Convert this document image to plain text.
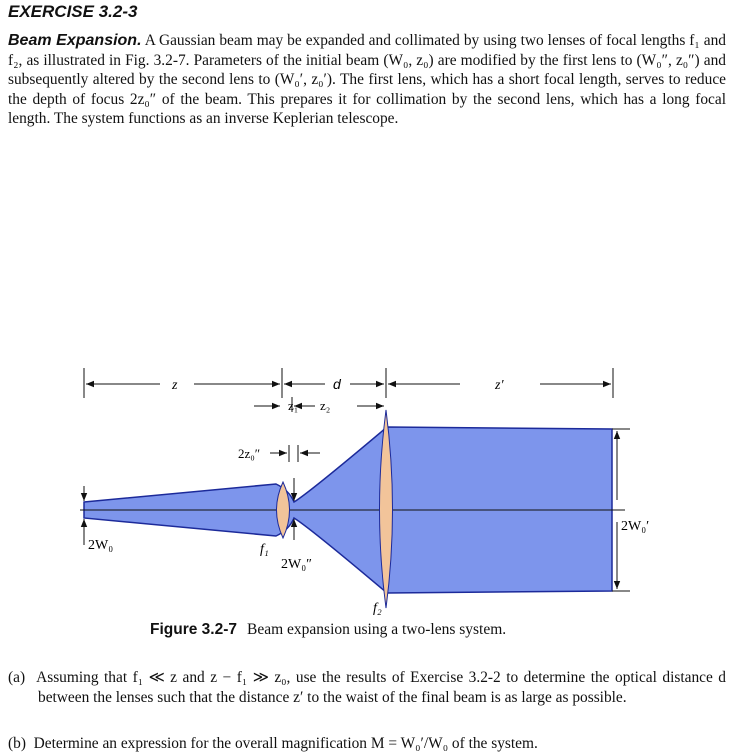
EXERCISE 3.2-3
Beam Expansion. A Gaussian beam may be expanded and collimated by using two lenses of focal lengths f₁ and f₂, as illustrated in Fig. 3.2-7. Parameters of the initial beam (W₀, z₀) are modified by the first lens to (W₀″, z₀″) and subsequently altered by the second lens to (W₀′, z₀′). The first lens, which has a short focal length, serves to reduce the depth of focus 2z₀″ of the beam. This prepares it for collimation by the second lens, which has a long focal length. The system functions as an inverse Keplerian telescope.
z	d	z′
z₁ z₂
2z₀″
2W₀	f₁
2W₀″
f₂
2W₀′
Figure 3.2-7 Beam expansion using a two-lens system.
(a) Assuming that f₁ ≪ z and z − f₁ ≫ z₀, use the results of Exercise 3.2-2 to determine the optical distance d between the lenses such that the distance z′ to the waist of the final beam is as large as possible.
(b) Determine an expression for the overall magnification M = W₀′/W₀ of the system.
